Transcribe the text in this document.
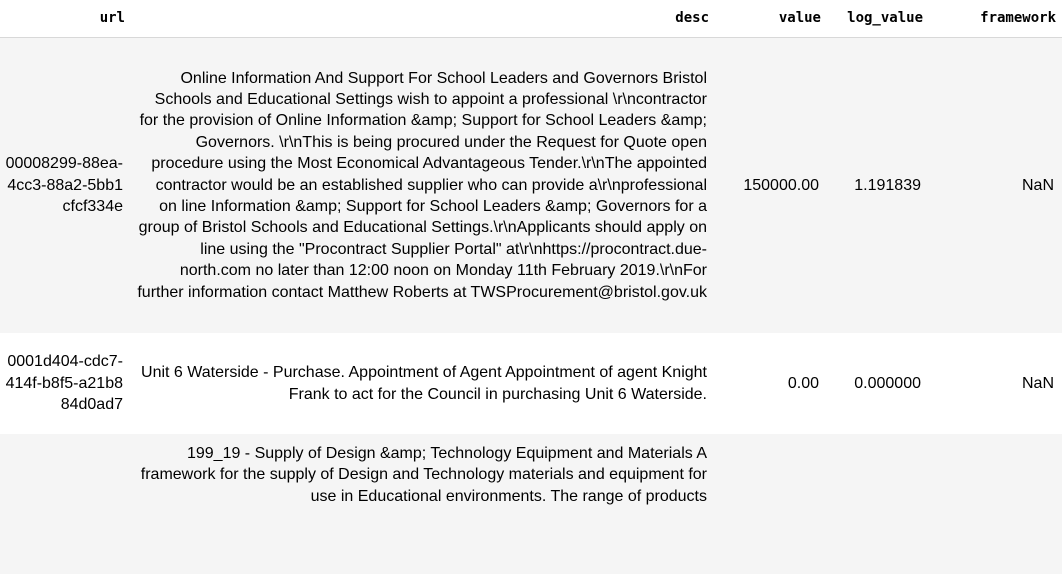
url	desc	value	log_value	framework
00008299-88ea-4cc3-88a2-5bb1cfcf334e	Online Information And Support For School Leaders and Governors Bristol Schools and Educational Settings wish to appoint a professional \r\ncontractor for the provision of Online Information &amp; Support for School Leaders &amp; Governors. \r\nThis is being procured under the Request for Quote open procedure using the Most Economical Advantageous Tender.\r\nThe appointed contractor would be an established supplier who can provide a\r\nprofessional on line Information &amp; Support for School Leaders &amp; Governors for a group of Bristol Schools and Educational Settings.\r\nApplicants should apply on line using the "Procontract Supplier Portal" at\r\nhttps://procontract.due-north.com no later than 12:00 noon on Monday 11th February 2019.\r\nFor further information contact Matthew Roberts at TWSProcurement@bristol.gov.uk	150000.00	1.191839	NaN
0001d404-cdc7-414f-b8f5-a21b884d0ad7	Unit 6 Waterside - Purchase. Appointment of Agent Appointment of agent Knight Frank to act for the Council in purchasing Unit 6 Waterside.	0.00	0.000000	NaN
	199_19 - Supply of Design &amp; Technology Equipment and Materials A framework for the supply of Design and Technology materials and equipment for use in Educational environments. The range of products			
